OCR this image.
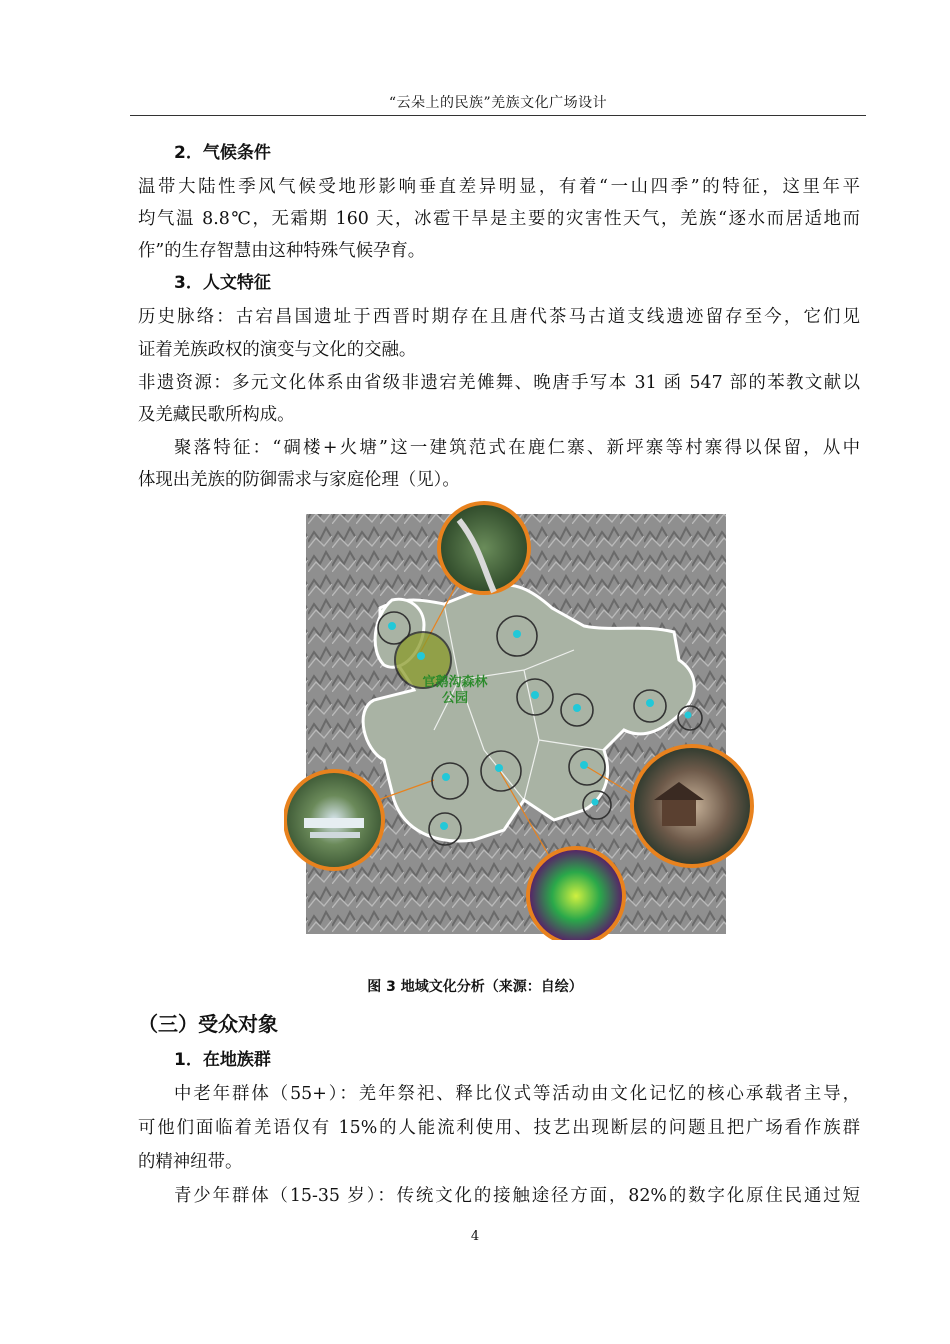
“云朵上的民族”羌族文化广场设计
2．气候条件
温带大陆性季风气候受地形影响垂直差异明显，有着“一山四季”的特征，这里年平
均气温 8.8℃，无霜期 160 天，冰雹干旱是主要的灾害性天气，羌族“逐水而居适地而
作”的生存智慧由这种特殊气候孕育。
3．人文特征
历史脉络：古宕昌国遗址于西晋时期存在且唐代茶马古道支线遗迹留存至今，它们见
证着羌族政权的演变与文化的交融。
非遗资源：多元文化体系由省级非遗宕羌傩舞、晚唐手写本 31 函 547 部的苯教文献以
及羌藏民歌所构成。
聚落特征：“碉楼+火塘”这一建筑范式在鹿仁寨、新坪寨等村寨得以保留，从中
体现出羌族的防御需求与家庭伦理（见）。
官鹅沟森林
公园
图 3 地域文化分析（来源：自绘）
（三）受众对象
1．在地族群
中老年群体（55+）：羌年祭祀、释比仪式等活动由文化记忆的核心承载者主导，
可他们面临着羌语仅有 15%的人能流利使用、技艺出现断层的问题且把广场看作族群
的精神纽带。
青少年群体（15-35 岁）：传统文化的接触途径方面，82%的数字化原住民通过短
4
